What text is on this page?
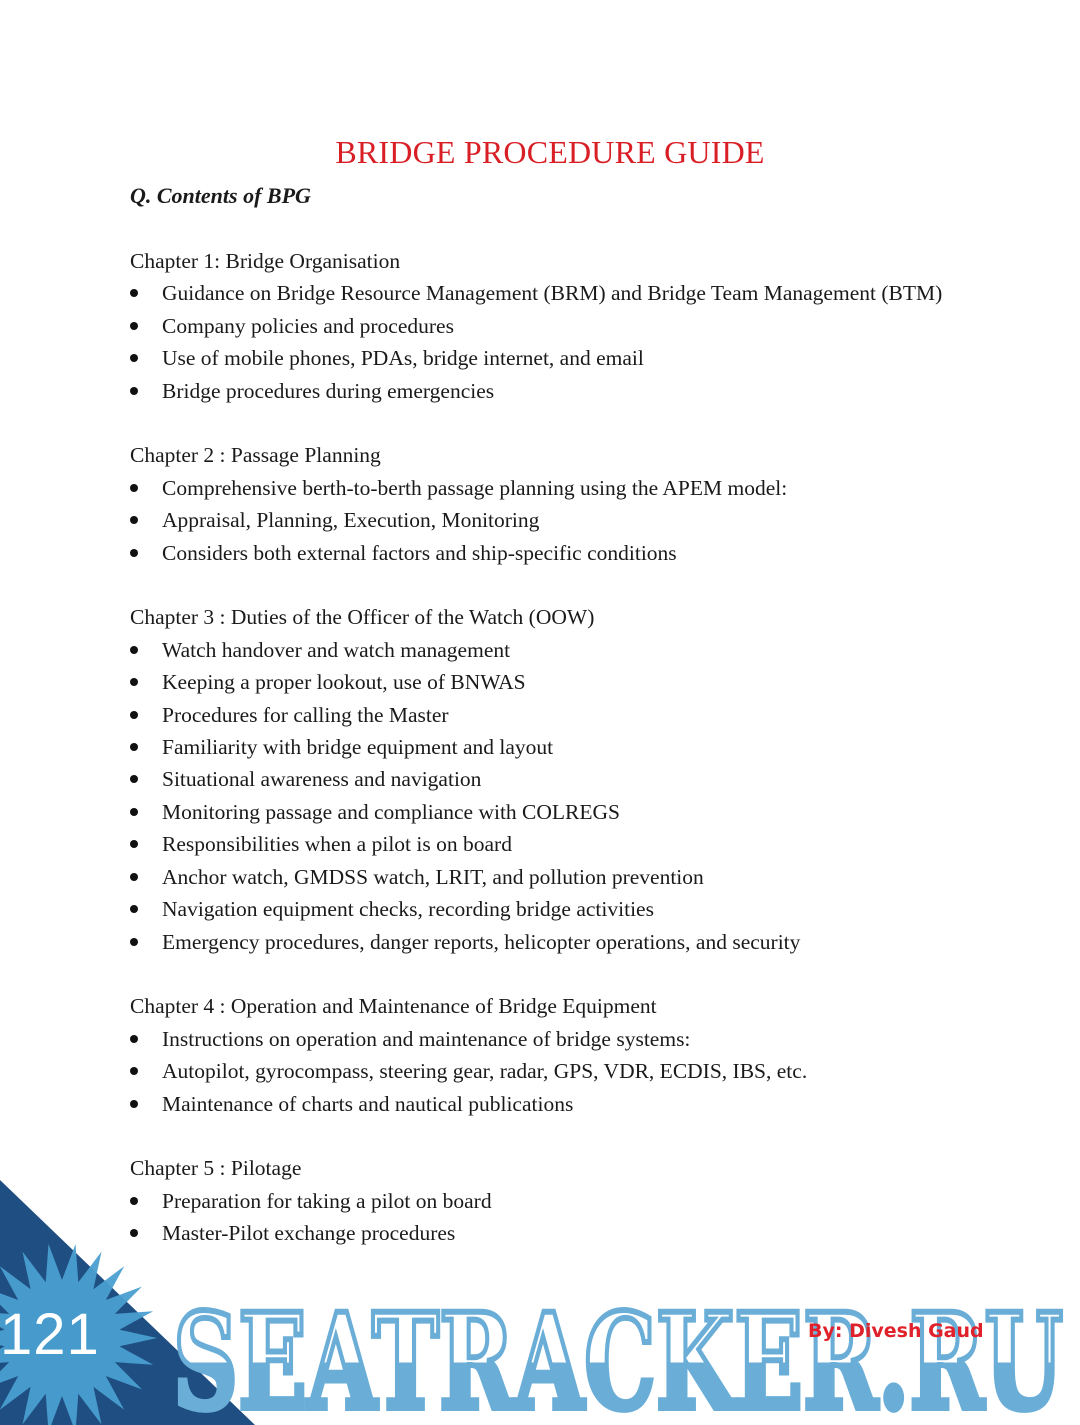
BRIDGE PROCEDURE GUIDE

Q. Contents of BPG

Chapter 1: Bridge Organisation

Guidance on Bridge Resource Management (BRM) and Bridge Team Management (BTM)
Company policies and procedures
Use of mobile phones, PDAs, bridge internet, and email
Bridge procedures during emergencies

Chapter 2 : Passage Planning

Comprehensive berth-to-berth passage planning using the APEM model:
Appraisal, Planning, Execution, Monitoring
Considers both external factors and ship-specific conditions

Chapter 3 : Duties of the Officer of the Watch (OOW)

Watch handover and watch management
Keeping a proper lookout, use of BNWAS
Procedures for calling the Master
Familiarity with bridge equipment and layout
Situational awareness and navigation
Monitoring passage and compliance with COLREGS
Responsibilities when a pilot is on board
Anchor watch, GMDSS watch, LRIT, and pollution prevention
Navigation equipment checks, recording bridge activities
Emergency procedures, danger reports, helicopter operations, and security

Chapter 4 : Operation and Maintenance of Bridge Equipment

Instructions on operation and maintenance of bridge systems:
Autopilot, gyrocompass, steering gear, radar, GPS, VDR, ECDIS, IBS, etc.
Maintenance of charts and nautical publications

Chapter 5 : Pilotage

Preparation for taking a pilot on board
Master-Pilot exchange procedures
121 SEATRACKER.RU
By: Divesh Gaud
